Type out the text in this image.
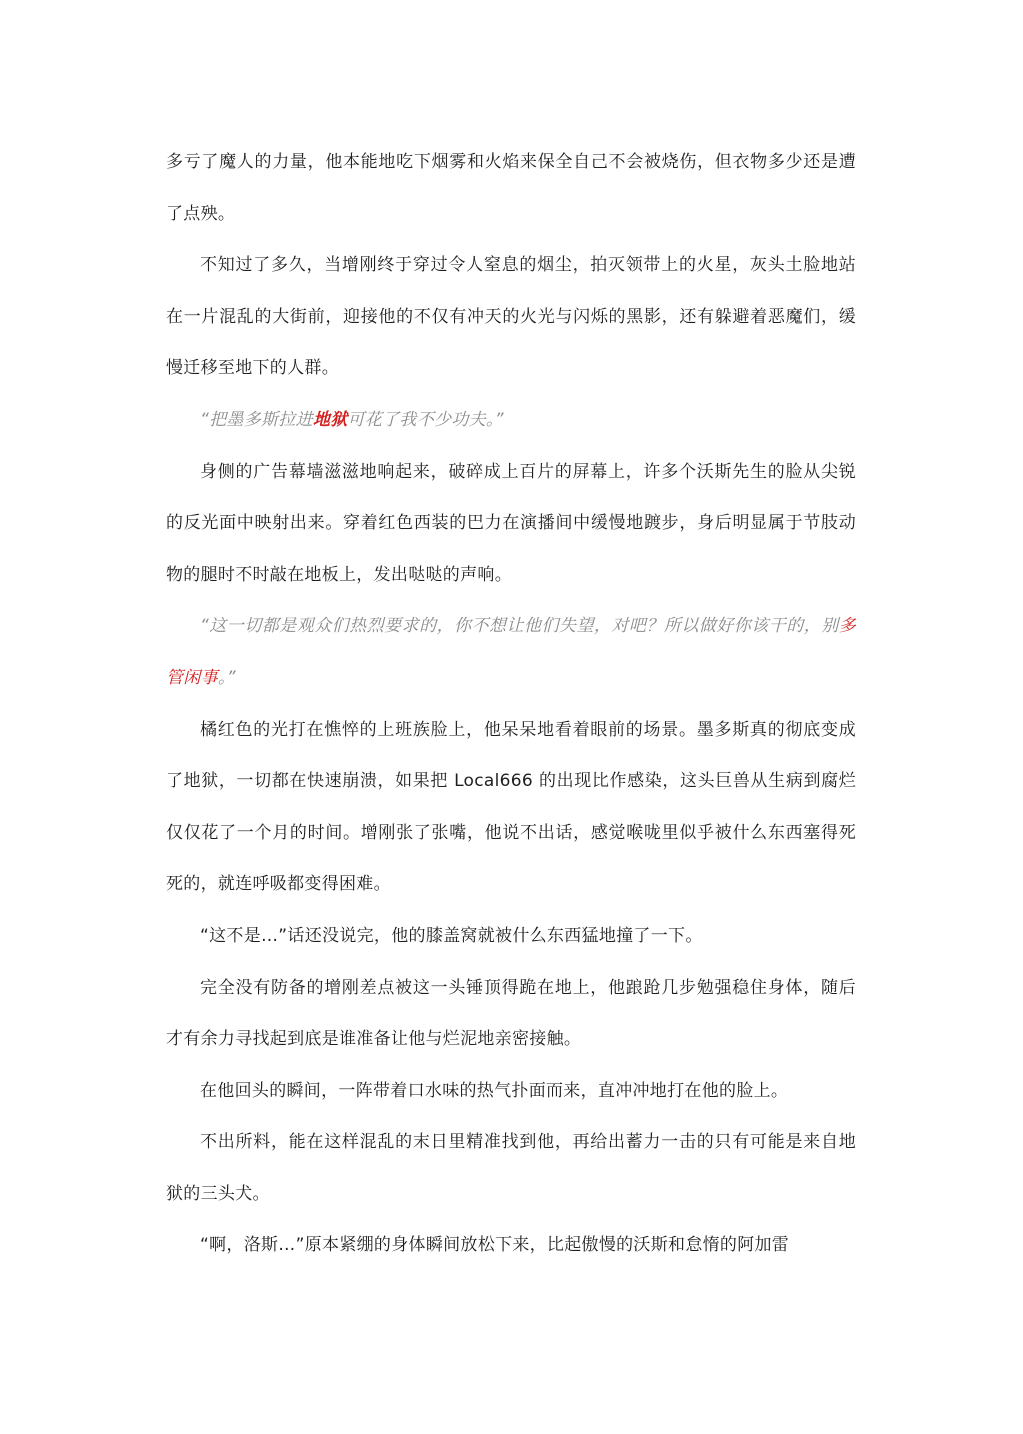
多亏了魔人的力量，他本能地吃下烟雾和火焰来保全自己不会被烧伤，但衣物多少还是遭了点殃。

不知过了多久，当增刚终于穿过令人窒息的烟尘，拍灭领带上的火星，灰头土脸地站在一片混乱的大街前，迎接他的不仅有冲天的火光与闪烁的黑影，还有躲避着恶魔们，缓慢迁移至地下的人群。

“把墨多斯拉进地狱可花了我不少功夫。”

身侧的广告幕墙滋滋地响起来，破碎成上百片的屏幕上，许多个沃斯先生的脸从尖锐的反光面中映射出来。穿着红色西装的巴力在演播间中缓慢地踱步，身后明显属于节肢动物的腿时不时敲在地板上，发出哒哒的声响。

“这一切都是观众们热烈要求的，你不想让他们失望，对吧？所以做好你该干的，别多管闲事。”

橘红色的光打在憔悴的上班族脸上，他呆呆地看着眼前的场景。墨多斯真的彻底变成了地狱，一切都在快速崩溃，如果把 Local666 的出现比作感染，这头巨兽从生病到腐烂仅仅花了一个月的时间。增刚张了张嘴，他说不出话，感觉喉咙里似乎被什么东西塞得死死的，就连呼吸都变得困难。

“这不是…”话还没说完，他的膝盖窝就被什么东西猛地撞了一下。

完全没有防备的增刚差点被这一头锤顶得跪在地上，他踉跄几步勉强稳住身体，随后才有余力寻找起到底是谁准备让他与烂泥地亲密接触。

在他回头的瞬间，一阵带着口水味的热气扑面而来，直冲冲地打在他的脸上。

不出所料，能在这样混乱的末日里精准找到他，再给出蓄力一击的只有可能是来自地狱的三头犬。

“啊，洛斯…”原本紧绷的身体瞬间放松下来，比起傲慢的沃斯和怠惰的阿加雷
